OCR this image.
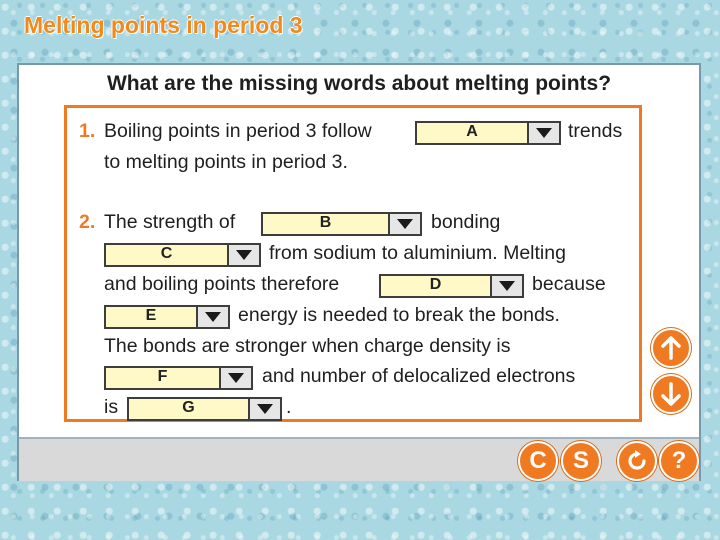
Melting points in period 3

What are the missing words about melting points?

1. Boiling points in period 3 follow	A	trends
to melting points in period 3.
2. The strength of	B	bonding
C	from sodium to aluminium. Melting
and boiling points therefore	D	because
E	energy is needed to break the bonds.
The bonds are stronger when charge density is
F	and number of delocalized electrons
is	G	.
C	S	?
